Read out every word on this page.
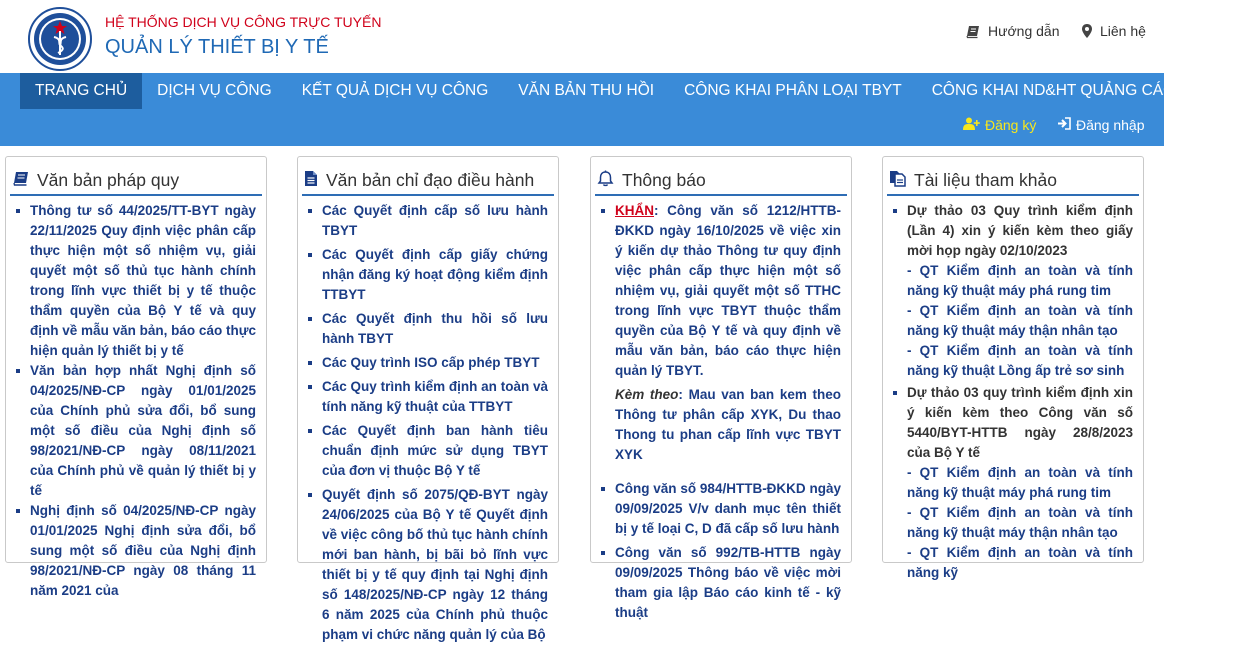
HỆ THỐNG DỊCH VỤ CÔNG TRỰC TUYẾN
QUẢN LÝ THIẾT BỊ Y TẾ
Hướng dẫn	Liên hệ
TRANG CHỦ	DỊCH VỤ CÔNG	KẾT QUẢ DỊCH VỤ CÔNG	VĂN BẢN THU HỒI	CÔNG KHAI PHÂN LOẠI TBYT	CÔNG KHAI ND&HT QUẢNG CÁO TBYT
Đăng ký	Đăng nhập
Văn bản pháp quy
Thông tư số 44/2025/TT-BYT ngày 22/11/2025 Quy định việc phân cấp thực hiện một số nhiệm vụ, giải quyết một số thủ tục hành chính trong lĩnh vực thiết bị y tế thuộc thẩm quyền của Bộ Y tế và quy định về mẫu văn bản, báo cáo thực hiện quản lý thiết bị y tế
Văn bản hợp nhất Nghị định số 04/2025/NĐ-CP ngày 01/01/2025 của Chính phủ sửa đổi, bổ sung một số điều của Nghị định số 98/2021/NĐ-CP ngày 08/11/2021 của Chính phủ về quản lý thiết bị y tế
Nghị định số 04/2025/NĐ-CP ngày 01/01/2025 Nghị định sửa đổi, bổ sung một số điều của Nghị định 98/2021/NĐ-CP ngày 08 tháng 11 năm 2021 của
Văn bản chỉ đạo điều hành
Các Quyết định cấp số lưu hành TBYT
Các Quyết định cấp giấy chứng nhận đăng ký hoạt động kiểm định TTBYT
Các Quyết định thu hồi số lưu hành TBYT
Các Quy trình ISO cấp phép TBYT
Các Quy trình kiểm định an toàn và tính năng kỹ thuật của TTBYT
Các Quyết định ban hành tiêu chuẩn định mức sử dụng TBYT của đơn vị thuộc Bộ Y tế
Quyết định số 2075/QĐ-BYT ngày 24/06/2025 của Bộ Y tế Quyết định về việc công bố thủ tục hành chính mới ban hành, bị bãi bỏ lĩnh vực thiết bị y tế quy định tại Nghị định số 148/2025/NĐ-CP ngày 12 tháng 6 năm 2025 của Chính phủ thuộc phạm vi chức năng quản lý của Bộ
Thông báo
KHẨN: Công văn số 1212/HTTB-ĐKKD ngày 16/10/2025 về việc xin ý kiến dự thảo Thông tư quy định việc phân cấp thực hiện một số nhiệm vụ, giải quyết một số TTHC trong lĩnh vực TBYT thuộc thẩm quyền của Bộ Y tế và quy định về mẫu văn bản, báo cáo thực hiện quản lý TBYT.
Kèm theo: Mau van ban kem theo Thông tư phân cấp XYK, Du thao Thong tu phan cấp lĩnh vực TBYT XYK
Công văn số 984/HTTB-ĐKKD ngày 09/09/2025 V/v danh mục tên thiết bị y tế loại C, D đã cấp số lưu hành
Công văn số 992/TB-HTTB ngày 09/09/2025 Thông báo về việc mời tham gia lập Báo cáo kinh tế - kỹ thuật
Tài liệu tham khảo
Dự thảo 03 Quy trình kiểm định (Lần 4) xin ý kiến kèm theo giấy mời họp ngày 02/10/2023
- QT Kiểm định an toàn và tính năng kỹ thuật máy phá rung tim
- QT Kiểm định an toàn và tính năng kỹ thuật máy thận nhân tạo
- QT Kiểm định an toàn và tính năng kỹ thuật Lồng ấp trẻ sơ sinh
Dự thảo 03 quy trình kiểm định xin ý kiến kèm theo Công văn số 5440/BYT-HTTB ngày 28/8/2023 của Bộ Y tế
- QT Kiểm định an toàn và tính năng kỹ thuật máy phá rung tim
- QT Kiểm định an toàn và tính năng kỹ thuật máy thận nhân tạo
- QT Kiểm định an toàn và tính năng kỹ
